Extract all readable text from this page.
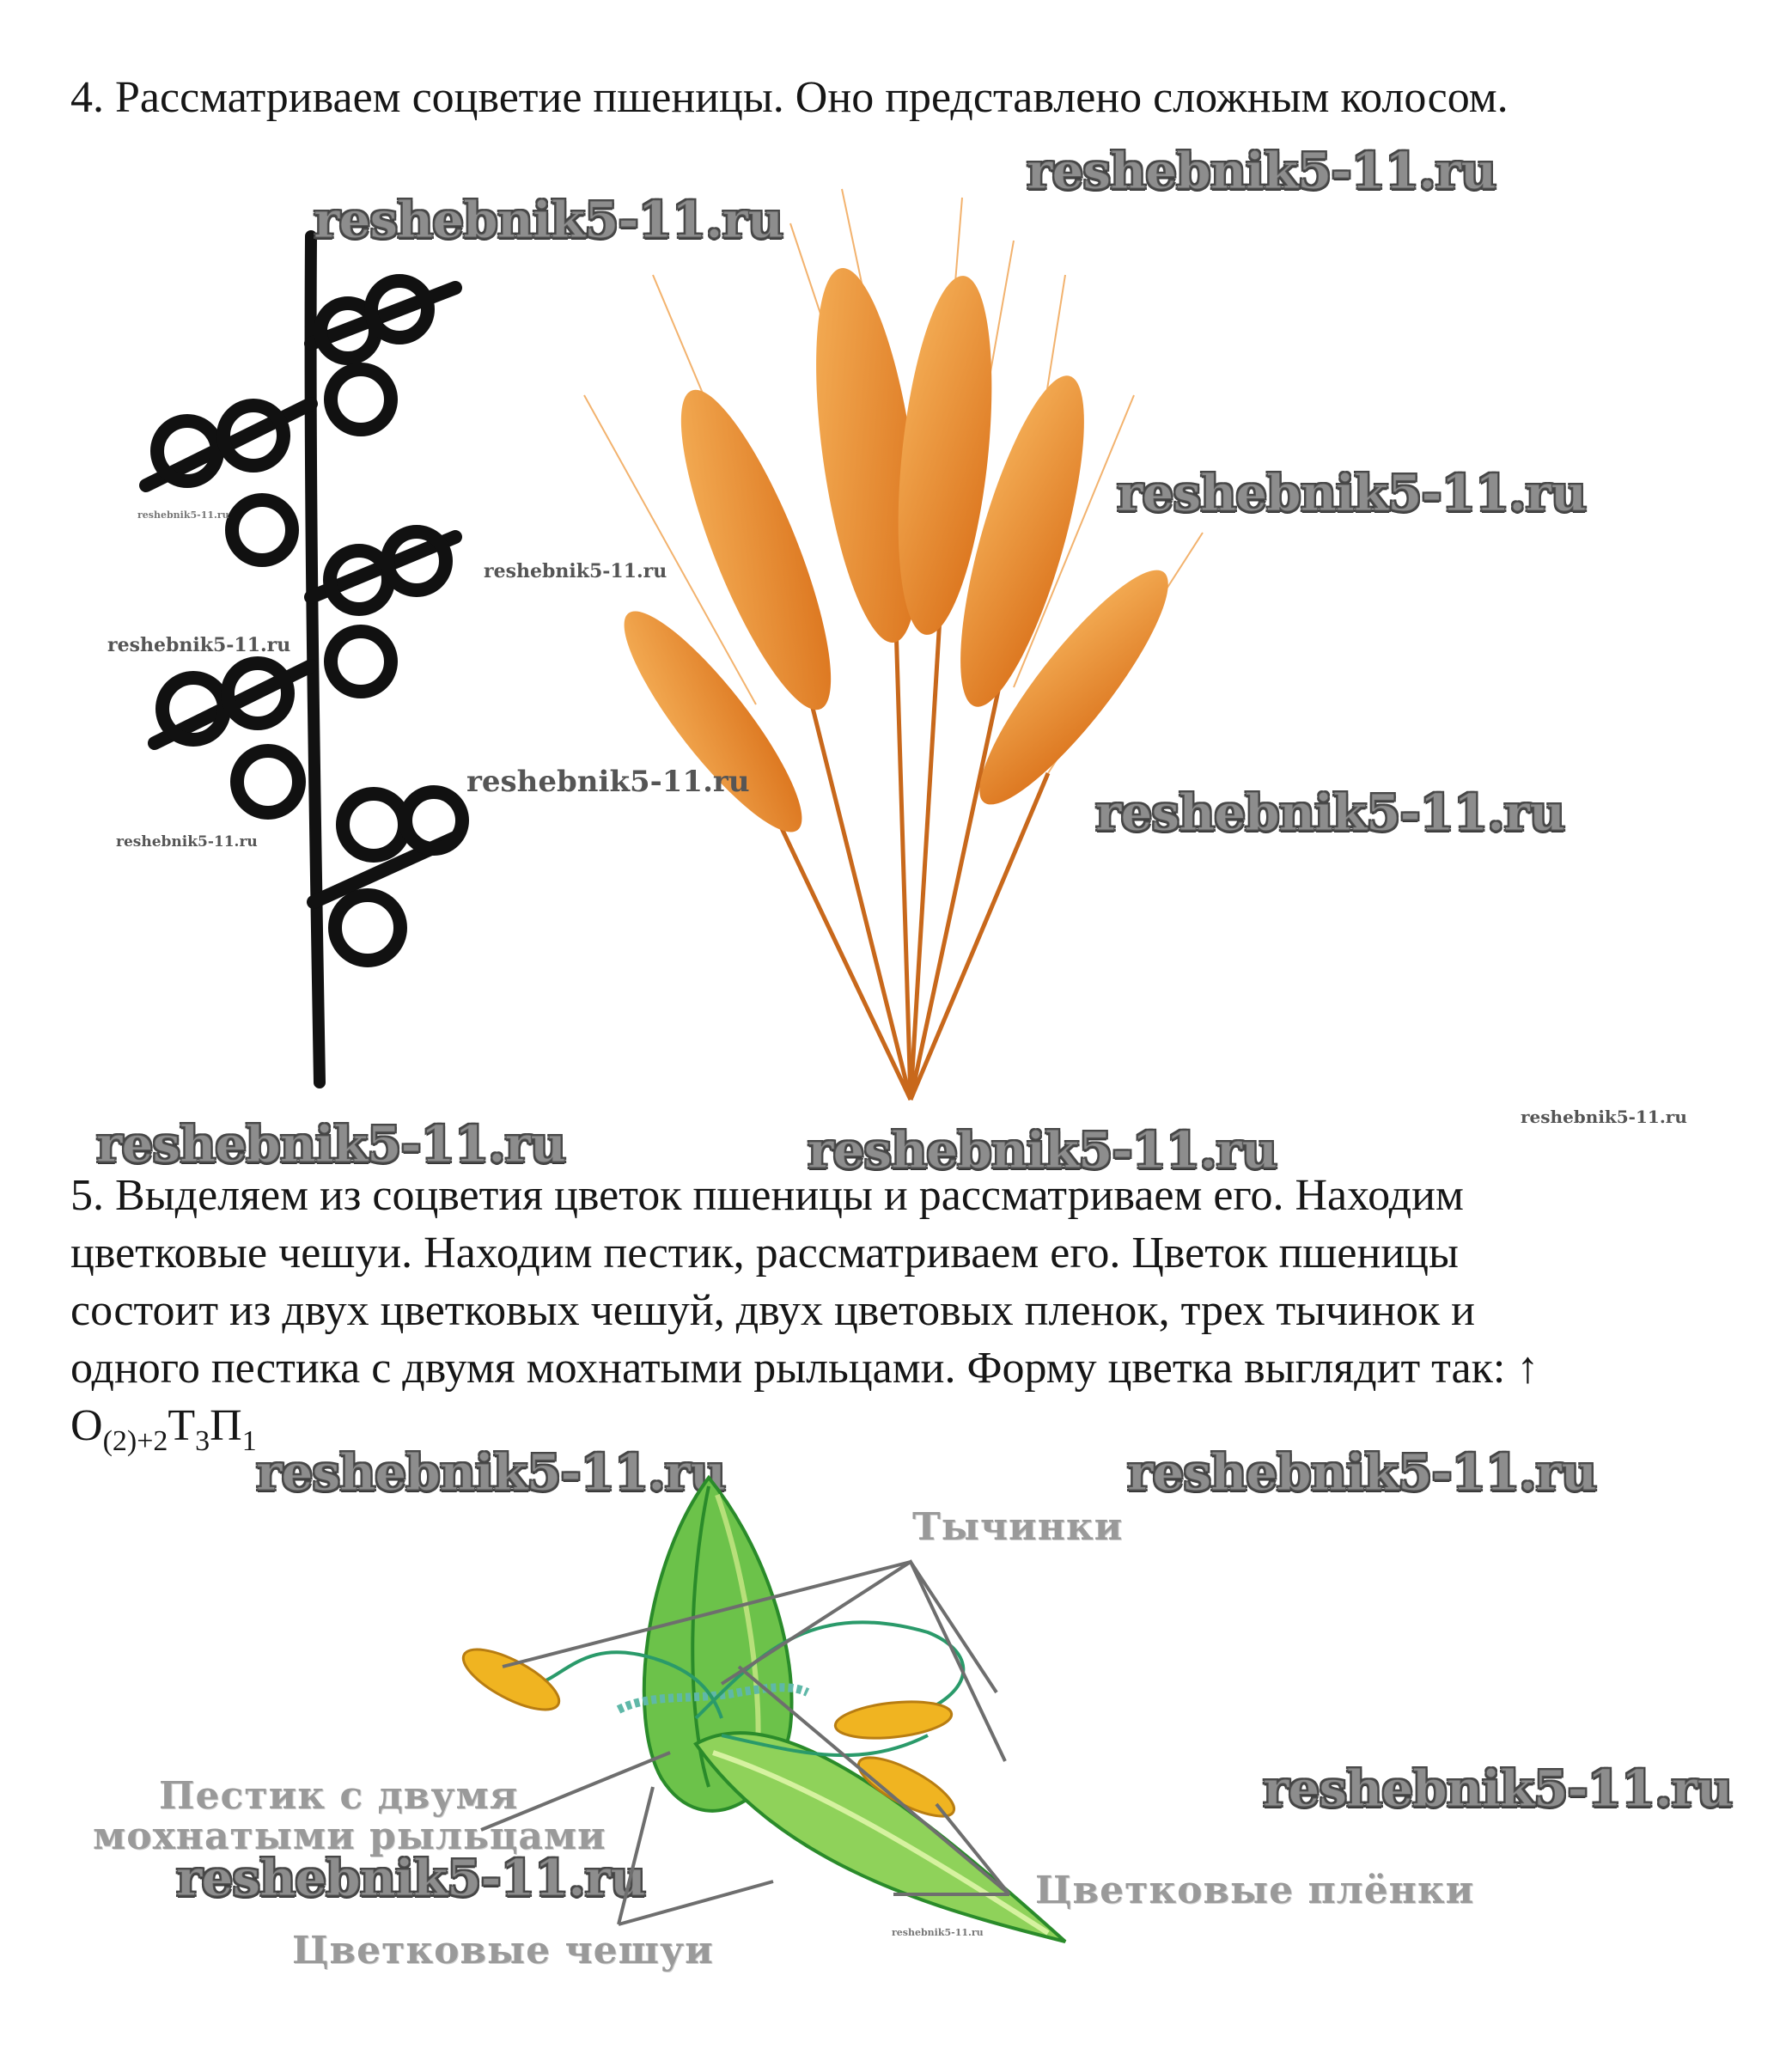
4. Рассматриваем соцветие пшеницы. Оно представлено сложным колосом.
reshebnik5-11.ru
reshebnik5-11.ru
reshebnik5-11.ru
reshebnik5-11.ru
reshebnik5-11.ru
reshebnik5-11.ru
reshebnik5-11.ru
reshebnik5-11.ru	reshebnik5-11.ru
reshebnik5-11.ru
reshebnik5-11.ru	reshebnik5-11.ru
5. Выделяем из соцветия цветок пшеницы и рассматриваем его. Находим
цветковые чешуи. Находим пестик, рассматриваем его. Цветок пшеницы
состоит из двух цветковых чешуй, двух цветовых пленок, трех тычинок и
одного пестика с двумя мохнатыми рыльцами. Форму цветка выглядит так: ↑
$О_{(2)+2}Т_3П_1$
reshebnik5-11.ru	reshebnik5-11.ru
reshebnik5-11.ru
reshebnik5-11.ru
reshebnik5-11.ru
Тычинки
Пестик с двумя
мохнатыми рыльцами
Цветковые плёнки
Цветковые чешуи
